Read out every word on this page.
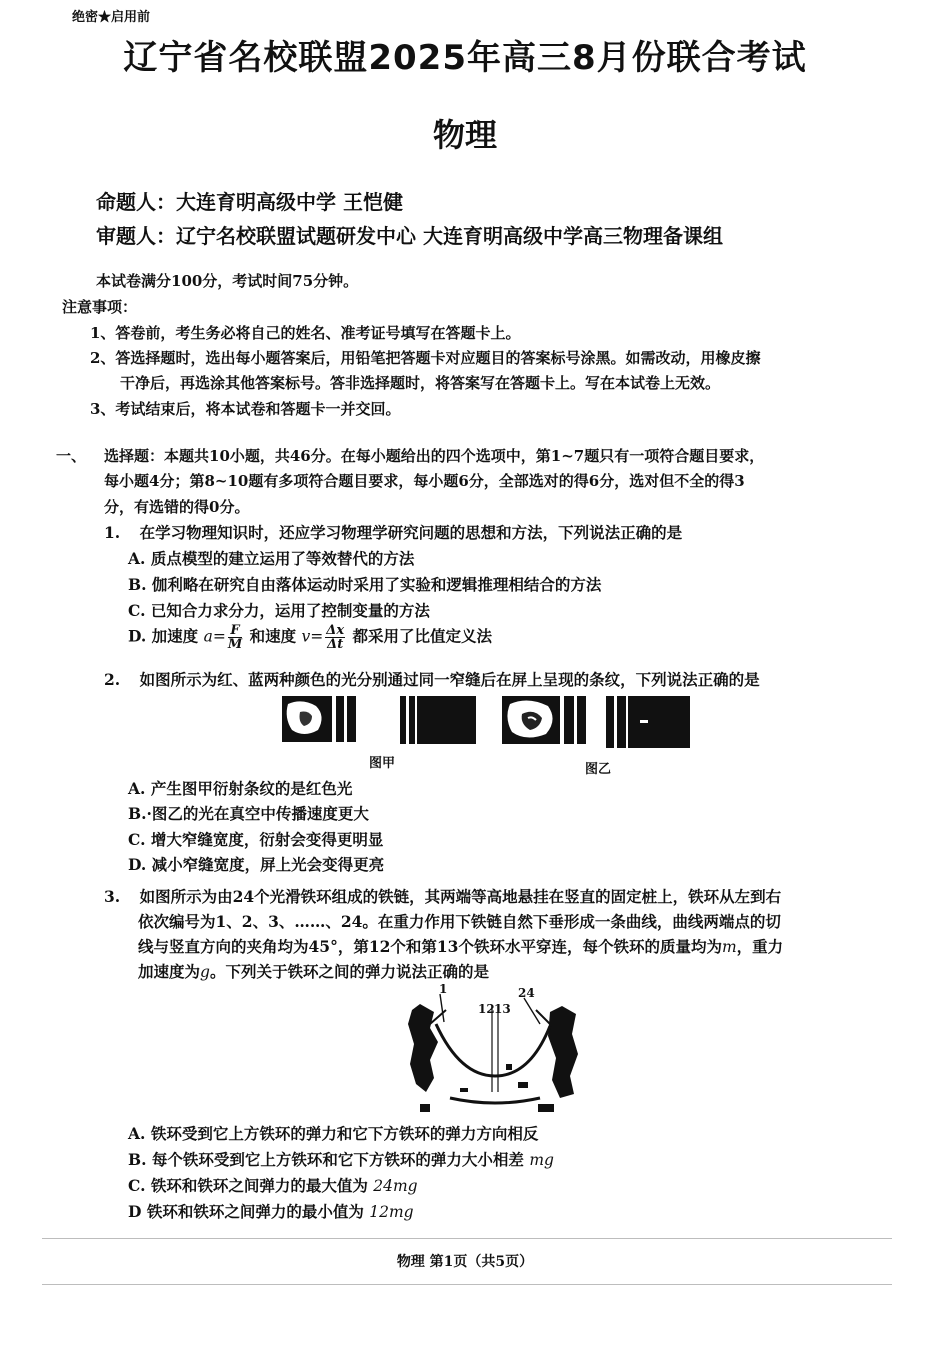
绝密★启用前
辽宁省名校联盟2025年高三8月份联合考试
物理
命题人：大连育明高级中学 王恺健
审题人：辽宁名校联盟试题研发中心 大连育明高级中学高三物理备课组
本试卷满分100分，考试时间75分钟。
注意事项：
1、答卷前，考生务必将自己的姓名、准考证号填写在答题卡上。
2、答选择题时，选出每小题答案后，用铅笔把答题卡对应题目的答案标号涂黑。如需改动，用橡皮擦
干净后，再选涂其他答案标号。答非选择题时，将答案写在答题卡上。写在本试卷上无效。
3、考试结束后，将本试卷和答题卡一并交回。
一、 选择题：本题共10小题，共46分。在每小题给出的四个选项中，第1~7题只有一项符合题目要求，
每小题4分；第8~10题有多项符合题目要求，每小题6分，全部选对的得6分，选对但不全的得3
分，有选错的得0分。
1. 在学习物理知识时，还应学习物理学研究问题的思想和方法，下列说法正确的是
A. 质点模型的建立运用了等效替代的方法
B. 伽利略在研究自由落体运动时采用了实验和逻辑推理相结合的方法
C. 已知合力求分力，运用了控制变量的方法
D. 加速度 $a= \frac{F}{M}$ 和速度 $v= \frac{\Delta x}{\Delta t}$ 都采用了比值定义法
2. 如图所示为红、蓝两种颜色的光分别通过同一窄缝后在屏上呈现的条纹，下列说法正确的是
图甲	图乙
A. 产生图甲衍射条纹的是红色光
B.·图乙的光在真空中传播速度更大
C. 增大窄缝宽度，衍射会变得更明显
D. 减小窄缝宽度，屏上光会变得更亮
3. 如图所示为由24个光滑铁环组成的铁链，其两端等高地悬挂在竖直的固定桩上，铁环从左到右
依次编号为1、2、3、……、24。在重力作用下铁链自然下垂形成一条曲线，曲线两端点的切
线与竖直方向的夹角均为45°，第12个和第13个铁环水平穿连，每个铁环的质量均为m，重力
加速度为g。下列关于铁环之间的弹力说法正确的是
1
12 13
24
A. 铁环受到它上方铁环的弹力和它下方铁环的弹力方向相反
B. 每个铁环受到它上方铁环和它下方铁环的弹力大小相差 mg
C. 铁环和铁环之间弹力的最大值为 24mg
D 铁环和铁环之间弹力的最小值为 12mg
物理 第1页（共5页）
